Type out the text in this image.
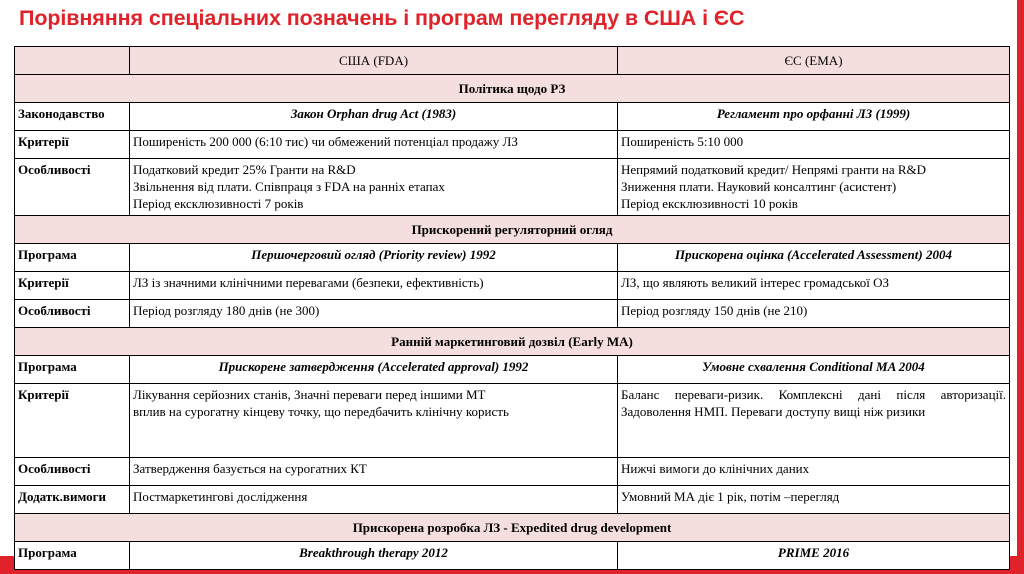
Порівняння спеціальних позначень і програм перегляду в США і ЄС
	США (FDA)	ЄС (EMA)
Політика щодо РЗ		
Законодавство	Закон Orphan drug Act (1983)	Регламент про орфанні ЛЗ (1999)

Критерії	Поширеність 200 000 (6:10 тис) чи обмежений потенціал продажу ЛЗ	Поширеність 5:10 000

Особливості	Податковий кредит 25% Гранти на R&D
Звільнення від плати. Співпраця з FDA на ранніх етапах
Період ексклюзивності 7 років	Непрямий податковий кредит/ Непрямі гранти на R&D
Зниження плати. Науковий консалтинг (асистент)
Період ексклюзивності 10 років

Прискорений регуляторний огляд		
Програма	Першочерговий огляд (Priority review) 1992	Прискорена оцінка (Accelerated Assessment) 2004

Критерії	ЛЗ із значними клінічними перевагами (безпеки, ефективність)	ЛЗ, що являють великий інтерес громадської ОЗ

Особливості	Період розгляду 180 днів (не 300)	Період розгляду 150 днів (не 210)

Ранній маркетинговий дозвіл (Early MA)		
Програма	Прискорене затвердження (Accelerated approval) 1992	Умовне схвалення Conditional MA 2004

Критерії	Лікування серйозних станів, Значні переваги перед іншими МТ
вплив на сурогатну кінцеву точку, що передбачить клінічну користь	Баланс переваги-ризик. Комплексні дані після авторизації. Задоволення НМП. Переваги доступу вищі ніж ризики

Особливості	Затвердження базується на сурогатних КТ	Нижчі вимоги до клінічних даних

Додатк.вимоги	Постмаркетингові дослідження	Умовний МА діє 1 рік, потім –перегляд

Прискорена розробка ЛЗ - Expedited drug development		
Програма	Breakthrough therapy 2012	PRIME 2016
